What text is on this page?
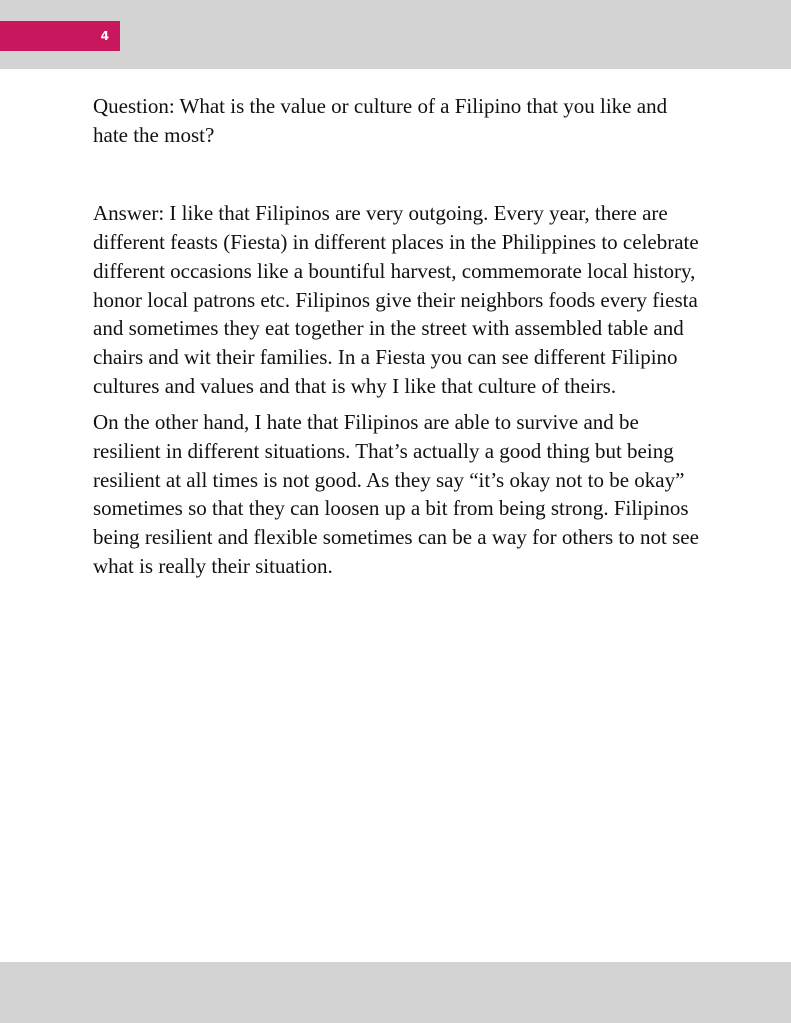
4

Question: What is the value or culture of a Filipino that you like and hate the most?

Answer: I like that Filipinos are very outgoing. Every year, there are different feasts (Fiesta) in different places in the Philippines to celebrate different occasions like a bountiful harvest, commemorate local history, honor local patrons etc. Filipinos give their neighbors foods every fiesta and sometimes they eat together in the street with assembled table and chairs and wit their families. In a Fiesta you can see different Filipino cultures and values and that is why I like that culture of theirs.

On the other hand, I hate that Filipinos are able to survive and be resilient in different situations. That’s actually a good thing but being resilient at all times is not good. As they say “it’s okay not to be okay” sometimes so that they can loosen up a bit from being strong. Filipinos being resilient and flexible sometimes can be a way for others to not see what is really their situation.
